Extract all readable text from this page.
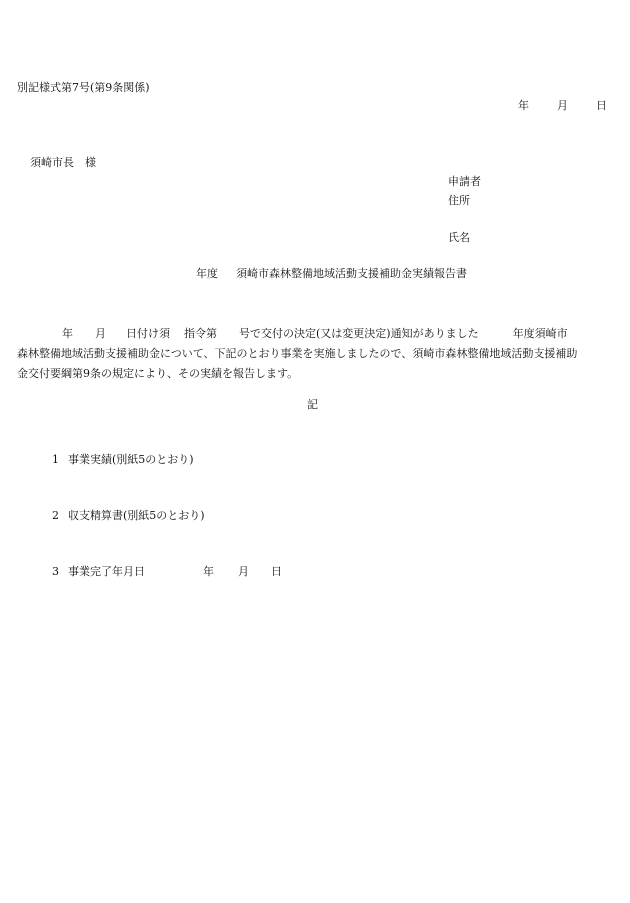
別記様式第7号(第9条関係)
年	月	日
須崎市長　様
申請者
住所
氏名
年度 須崎市森林整備地域活動支援補助金実績報告書
年 月 日付け須 指令第 号で交付の決定(又は変更決定)通知がありました	年度須崎市
森林整備地域活動支援補助金について、下記のとおり事業を実施しましたので、須崎市森林整備地域活動支援補助
金交付要綱第9条の規定により、その実績を報告します。
記
1 事業実績(別紙5のとおり)
2 収支精算書(別紙5のとおり)
3 事業完了年月日	年 月 日
